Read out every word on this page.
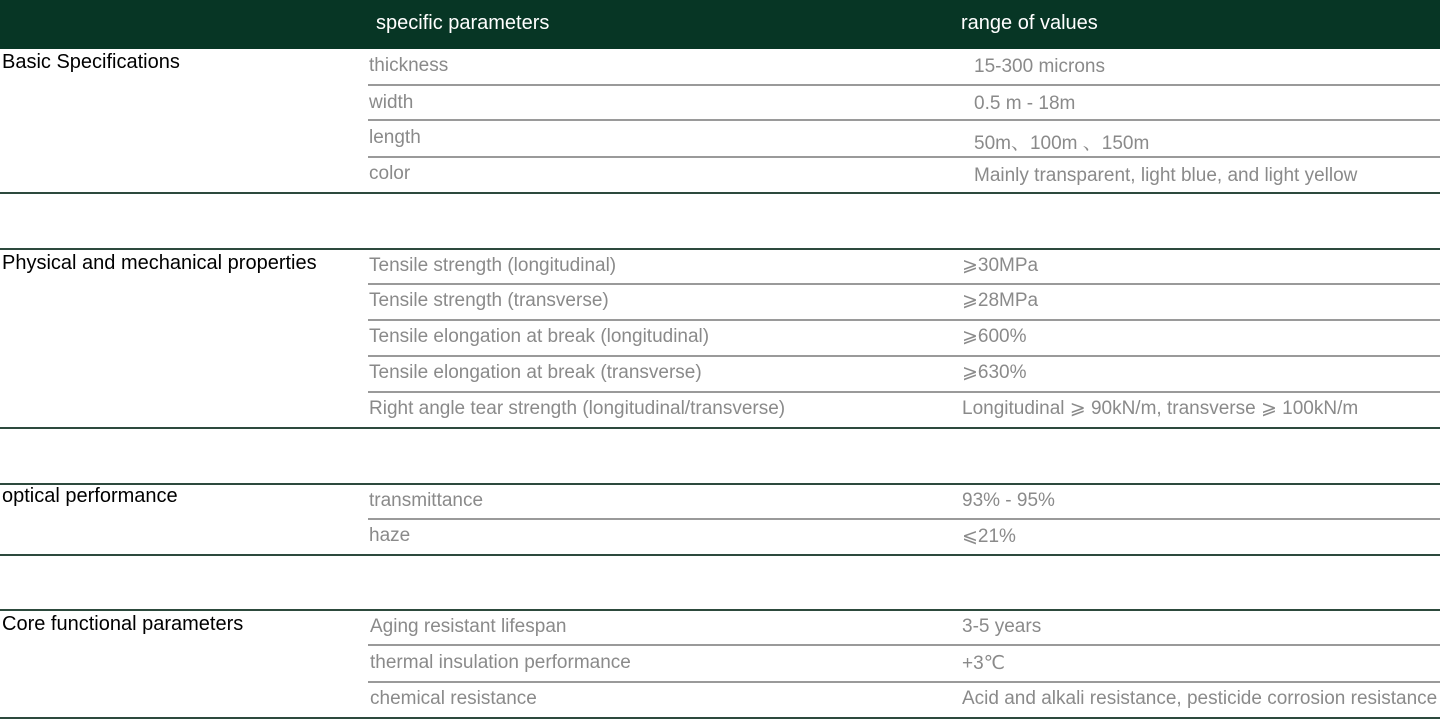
specific parameters	range of values
Basic Specifications	thickness	15-300 microns
width	0.5 m - 18m
length	50m、100m 、150m
color	Mainly transparent, light blue, and light yellow
Physical and mechanical properties	Tensile strength (longitudinal)	⩾30MPa
Tensile strength (transverse)	⩾28MPa
Tensile elongation at break (longitudinal)	⩾600%
Tensile elongation at break (transverse)	⩾630%
Right angle tear strength (longitudinal/transverse)	Longitudinal ⩾ 90kN/m, transverse ⩾ 100kN/m
optical performance	transmittance	93% - 95%
haze	⩽21%
Core functional parameters	Aging resistant lifespan	3-5 years
thermal insulation performance	+3℃
chemical resistance	Acid and alkali resistance, pesticide corrosion resistance
